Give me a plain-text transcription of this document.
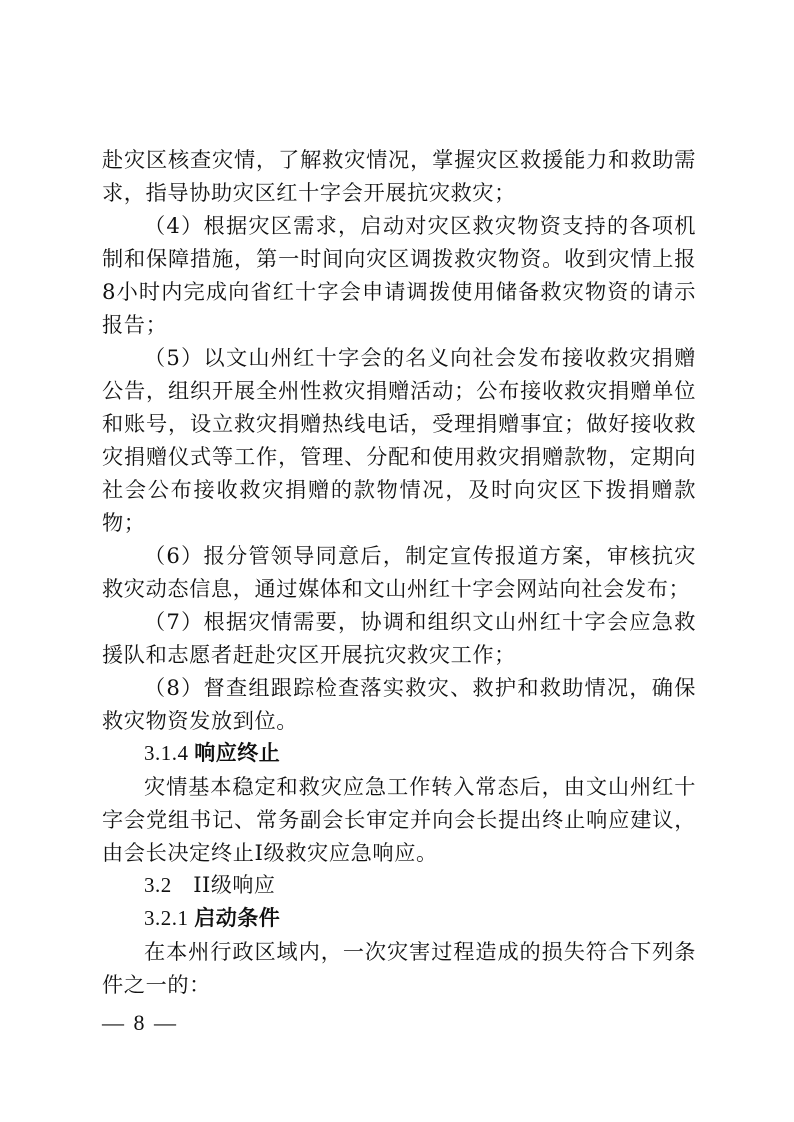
赴灾区核查灾情，了解救灾情况，掌握灾区救援能力和救助需求，指导协助灾区红十字会开展抗灾救灾；

（4）根据灾区需求，启动对灾区救灾物资支持的各项机制和保障措施，第一时间向灾区调拨救灾物资。收到灾情上报8小时内完成向省红十字会申请调拨使用储备救灾物资的请示报告；

（5）以文山州红十字会的名义向社会发布接收救灾捐赠公告，组织开展全州性救灾捐赠活动；公布接收救灾捐赠单位和账号，设立救灾捐赠热线电话，受理捐赠事宜；做好接收救灾捐赠仪式等工作，管理、分配和使用救灾捐赠款物，定期向社会公布接收救灾捐赠的款物情况，及时向灾区下拨捐赠款物；

（6）报分管领导同意后，制定宣传报道方案，审核抗灾救灾动态信息，通过媒体和文山州红十字会网站向社会发布；

（7）根据灾情需要，协调和组织文山州红十字会应急救援队和志愿者赶赴灾区开展抗灾救灾工作；

（8）督查组跟踪检查落实救灾、救护和救助情况，确保救灾物资发放到位。

3.1.4 响应终止

灾情基本稳定和救灾应急工作转入常态后，由文山州红十字会党组书记、常务副会长审定并向会长提出终止响应建议，由会长决定终止Ⅰ级救灾应急响应。

3.2　II级响应

3.2.1 启动条件

在本州行政区域内，一次灾害过程造成的损失符合下列条件之一的：

— 8 —
